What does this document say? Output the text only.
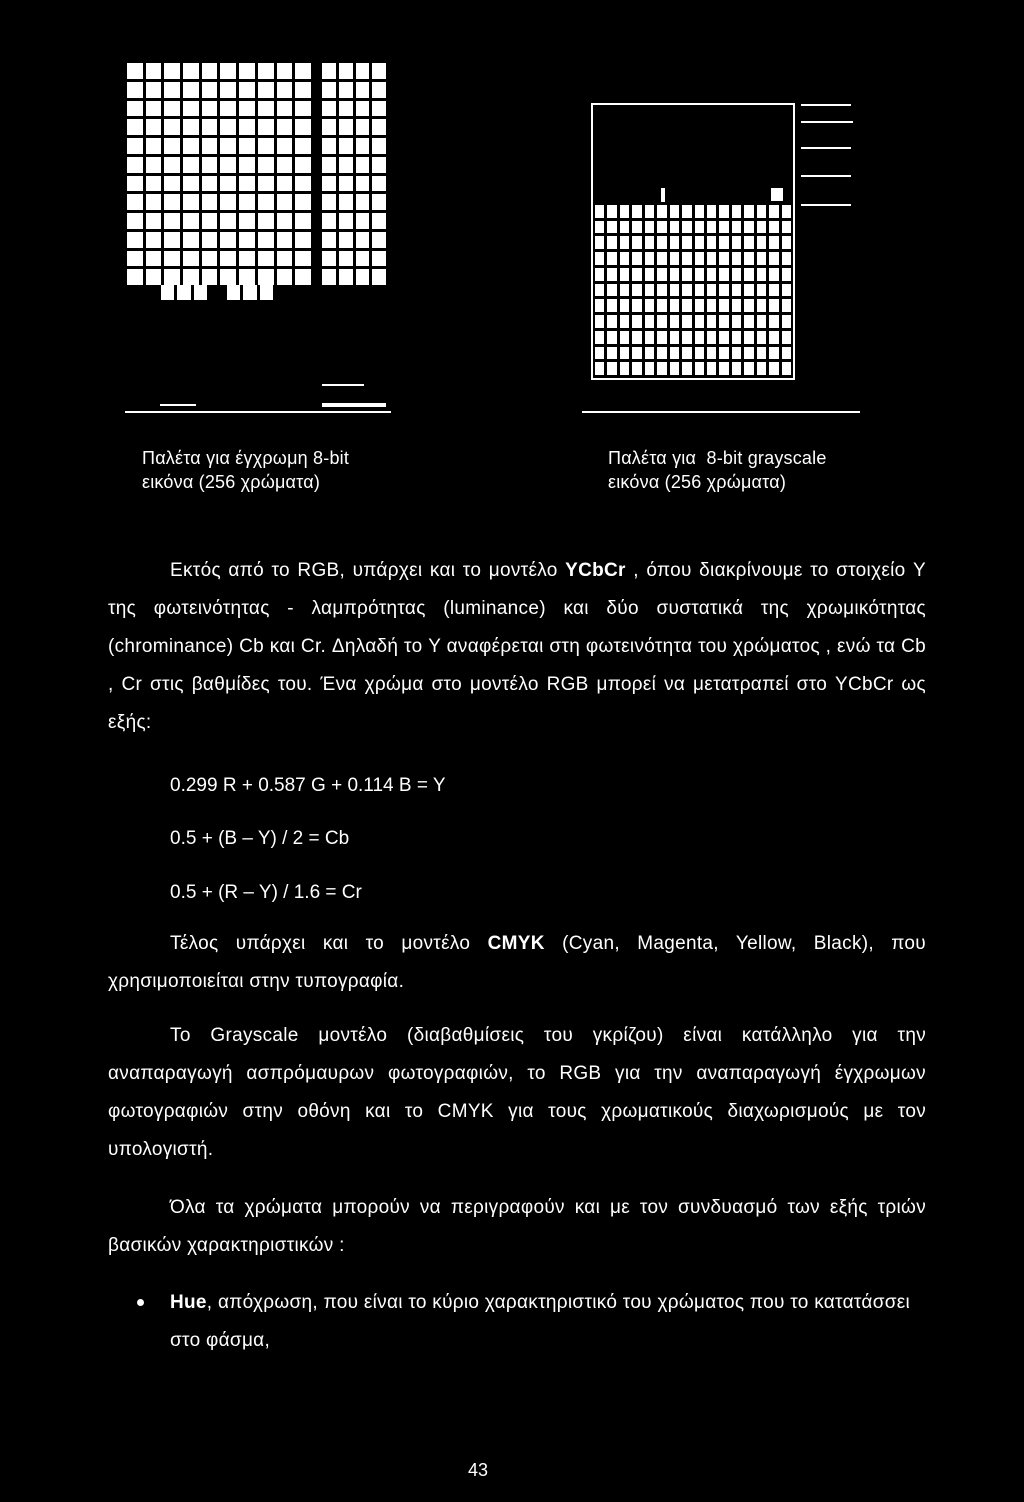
Παλέτα για έγχρωμη 8-bit
εικόνα (256 χρώματα)
Παλέτα για  8-bit grayscale
εικόνα (256 χρώματα)
Εκτός από το RGB, υπάρχει και το μοντέλο YCbCr , όπου διακρίνουμε το στοιχείο Y της φωτεινότητας - λαμπρότητας (luminance) και δύο συστατικά της χρωμικότητας (chrominance) Cb και Cr. Δηλαδή το Y αναφέρεται στη φωτεινότητα του χρώματος , ενώ τα Cb , Cr στις βαθμίδες του. Ένα χρώμα στο μοντέλο RGB μπορεί να μετατραπεί στο YCbCr ως εξής:
0.299 R + 0.587 G + 0.114 B = Y
0.5 + (B – Y) / 2 = Cb
0.5 + (R – Y) / 1.6 = Cr
Τέλος υπάρχει και το μοντέλο CMYK (Cyan, Magenta, Yellow, Black), που χρησιμοποιείται στην τυπογραφία.
Το Grayscale μοντέλο (διαβαθμίσεις του γκρίζου) είναι κατάλληλο για την αναπαραγωγή ασπρόμαυρων φωτογραφιών, το RGB για την αναπαραγωγή έγχρωμων φωτογραφιών στην οθόνη και το CMYK για τους χρωματικούς διαχωρισμούς με τον υπολογιστή.
Όλα τα χρώματα μπορούν να περιγραφούν και με τον συνδυασμό των εξής τριών βασικών χαρακτηριστικών :
Hue, απόχρωση, που είναι το κύριο χαρακτηριστικό του χρώματος που το κατατάσσει στο φάσμα,
43
